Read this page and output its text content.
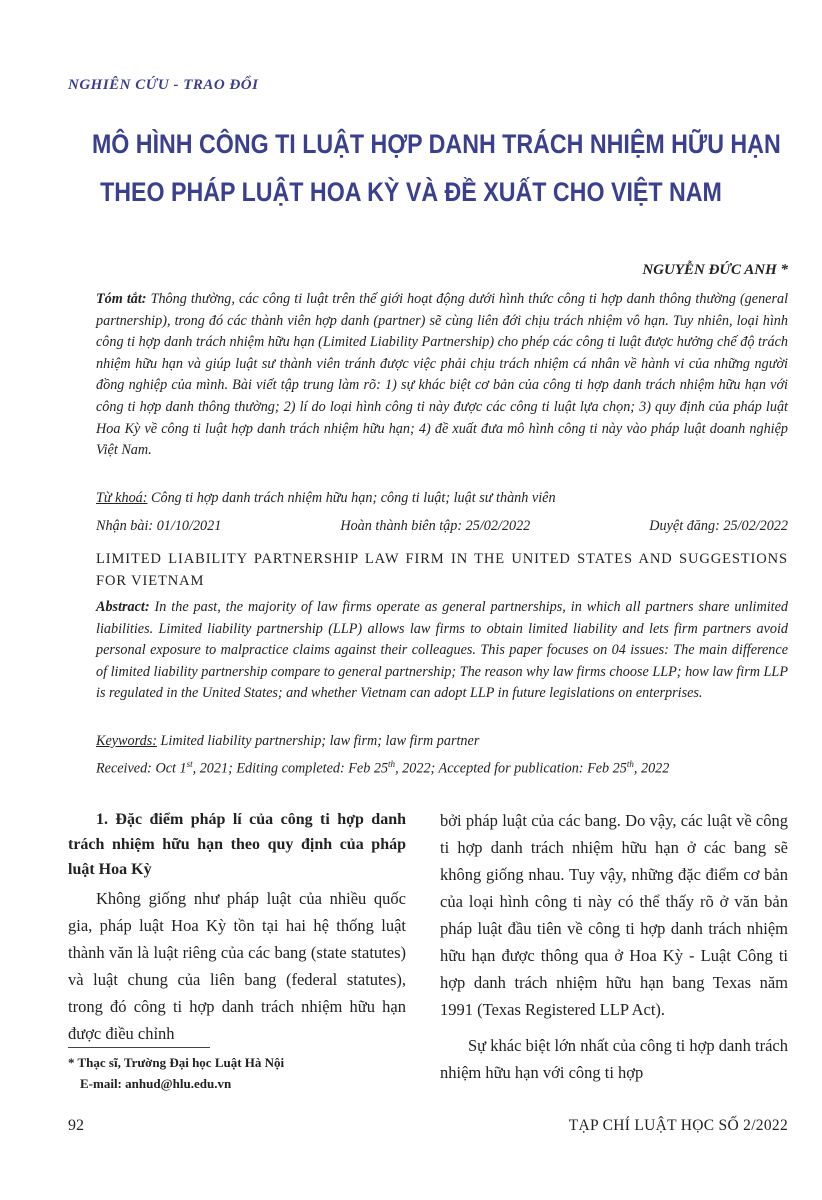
NGHIÊN CỨU - TRAO ĐỔI
MÔ HÌNH CÔNG TI LUẬT HỢP DANH TRÁCH NHIỆM HỮU HẠN
THEO PHÁP LUẬT HOA KỲ VÀ ĐỀ XUẤT CHO VIỆT NAM
NGUYỄN ĐỨC ANH *
Tóm tắt: Thông thường, các công ti luật trên thế giới hoạt động dưới hình thức công ti hợp danh thông thường (general partnership), trong đó các thành viên hợp danh (partner) sẽ cùng liên đới chịu trách nhiệm vô hạn. Tuy nhiên, loại hình công ti hợp danh trách nhiệm hữu hạn (Limited Liability Partnership) cho phép các công ti luật được hưởng chế độ trách nhiệm hữu hạn và giúp luật sư thành viên tránh được việc phải chịu trách nhiệm cá nhân về hành vi của những người đồng nghiệp của mình. Bài viết tập trung làm rõ: 1) sự khác biệt cơ bản của công ti hợp danh trách nhiệm hữu hạn với công ti hợp danh thông thường; 2) lí do loại hình công ti này được các công ti luật lựa chọn; 3) quy định của pháp luật Hoa Kỳ về công ti luật hợp danh trách nhiệm hữu hạn; 4) đề xuất đưa mô hình công ti này vào pháp luật doanh nghiệp Việt Nam.
Từ khoá: Công ti hợp danh trách nhiệm hữu hạn; công ti luật; luật sư thành viên
Nhận bài: 01/10/2021	Hoàn thành biên tập: 25/02/2022	Duyệt đăng: 25/02/2022
LIMITED LIABILITY PARTNERSHIP LAW FIRM IN THE UNITED STATES AND SUGGESTIONS FOR VIETNAM
Abstract: In the past, the majority of law firms operate as general partnerships, in which all partners share unlimited liabilities. Limited liability partnership (LLP) allows law firms to obtain limited liability and lets firm partners avoid personal exposure to malpractice claims against their colleagues. This paper focuses on 04 issues: The main difference of limited liability partnership compare to general partnership; The reason why law firms choose LLP; how law firm LLP is regulated in the United States; and whether Vietnam can adopt LLP in future legislations on enterprises.
Keywords: Limited liability partnership; law firm; law firm partner
Received: Oct 1st, 2021; Editing completed: Feb 25th, 2022; Accepted for publication: Feb 25th, 2022
1. Đặc điểm pháp lí của công ti hợp danh trách nhiệm hữu hạn theo quy định của pháp luật Hoa Kỳ
Không giống như pháp luật của nhiều quốc gia, pháp luật Hoa Kỳ tồn tại hai hệ thống luật thành văn là luật riêng của các bang (state statutes) và luật chung của liên bang (federal statutes), trong đó công ti hợp danh trách nhiệm hữu hạn được điều chỉnh
* Thạc sĩ, Trường Đại học Luật Hà Nội
E-mail: anhud@hlu.edu.vn
bởi pháp luật của các bang. Do vậy, các luật về công ti hợp danh trách nhiệm hữu hạn ở các bang sẽ không giống nhau. Tuy vậy, những đặc điểm cơ bản của loại hình công ti này có thể thấy rõ ở văn bản pháp luật đầu tiên về công ti hợp danh trách nhiệm hữu hạn được thông qua ở Hoa Kỳ - Luật Công ti hợp danh trách nhiệm hữu hạn bang Texas năm 1991 (Texas Registered LLP Act).
Sự khác biệt lớn nhất của công ti hợp danh trách nhiệm hữu hạn với công ti hợp
92	TẠP CHÍ LUẬT HỌC SỐ 2/2022
